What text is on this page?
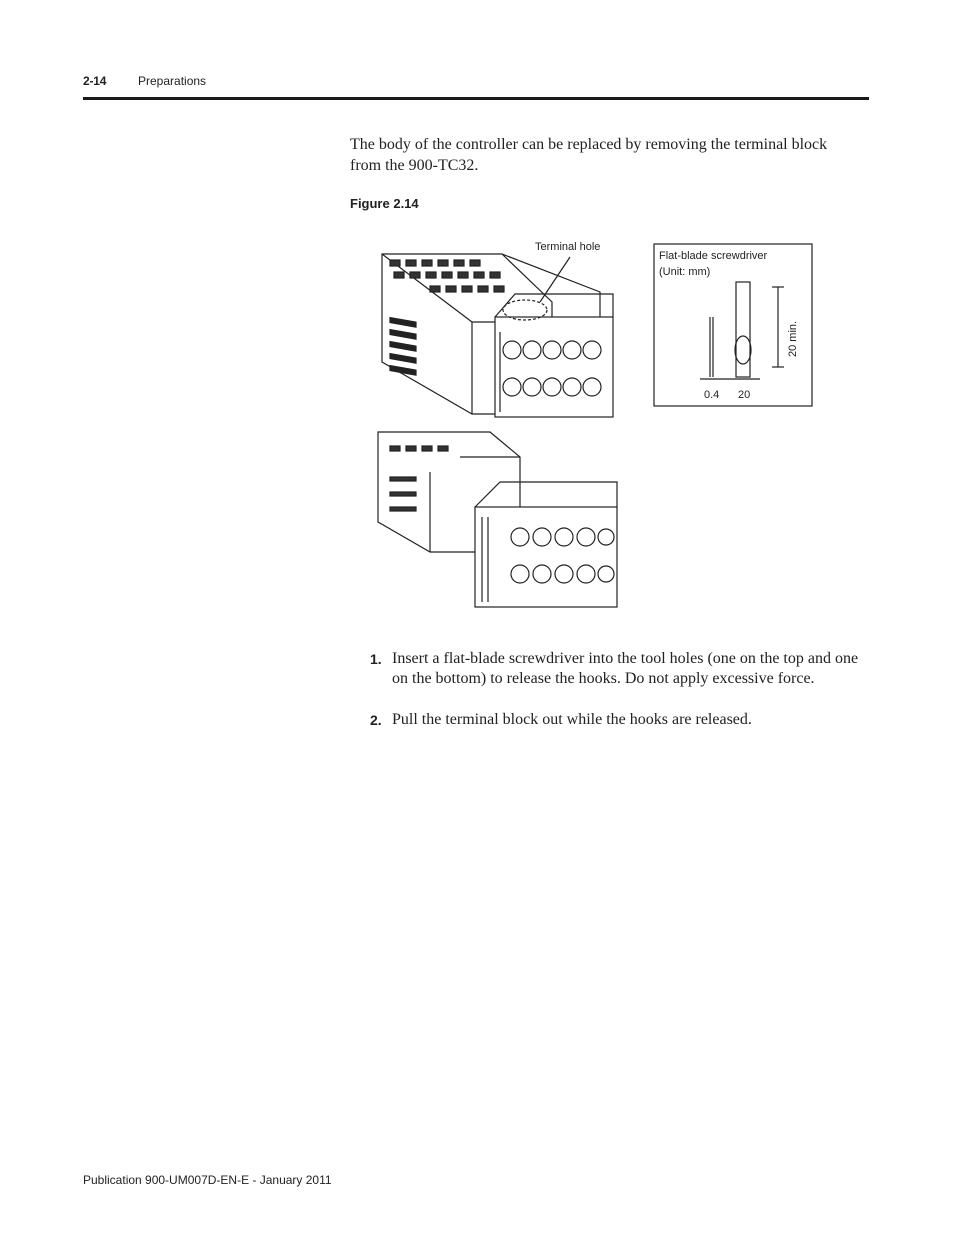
2-14	Preparations

The body of the controller can be replaced by removing the terminal block from the 900-TC32.

Figure 2.14
Terminal hole
Flat-blade screwdriver
(Unit: mm)
20 min.
0.4 20
1. Insert a flat-blade screwdriver into the tool holes (one on the top and one on the bottom) to release the hooks. Do not apply excessive force.
2. Pull the terminal block out while the hooks are released.
Publication 900-UM007D-EN-E - January 2011
